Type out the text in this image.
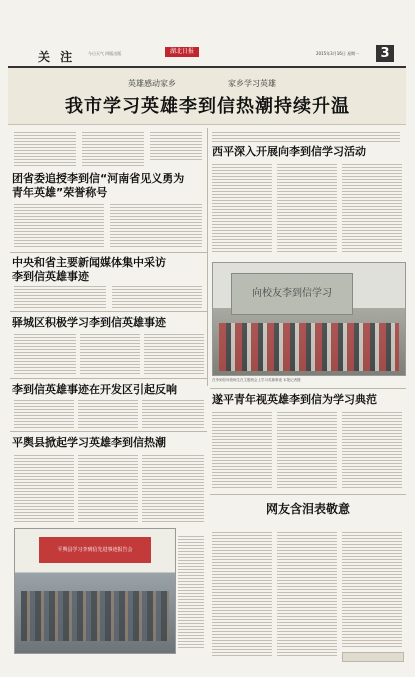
关 注	今日天气 四版出版	湖北日报	2015年3月16日 星期一	3
英雄感动家乡	家乡学习英雄
我市学习英雄李到信热潮持续升温
团省委追授李到信“河南省见义勇为
青年英雄”荣誉称号
中央和省主要新闻媒体集中采访
李到信英雄事迹
驿城区积极学习李到信英雄事迹
李到信英雄事迹在开发区引起反响
平舆县掀起学习英雄李到信热潮
平舆县学习李到信先进事迹报告会
西平深入开展向李到信学习活动
向校友李到信学习
在李到信母校师生在主题班会上学习英雄事迹 本报记者摄
遂平青年视英雄李到信为学习典范
网友含泪表敬意
